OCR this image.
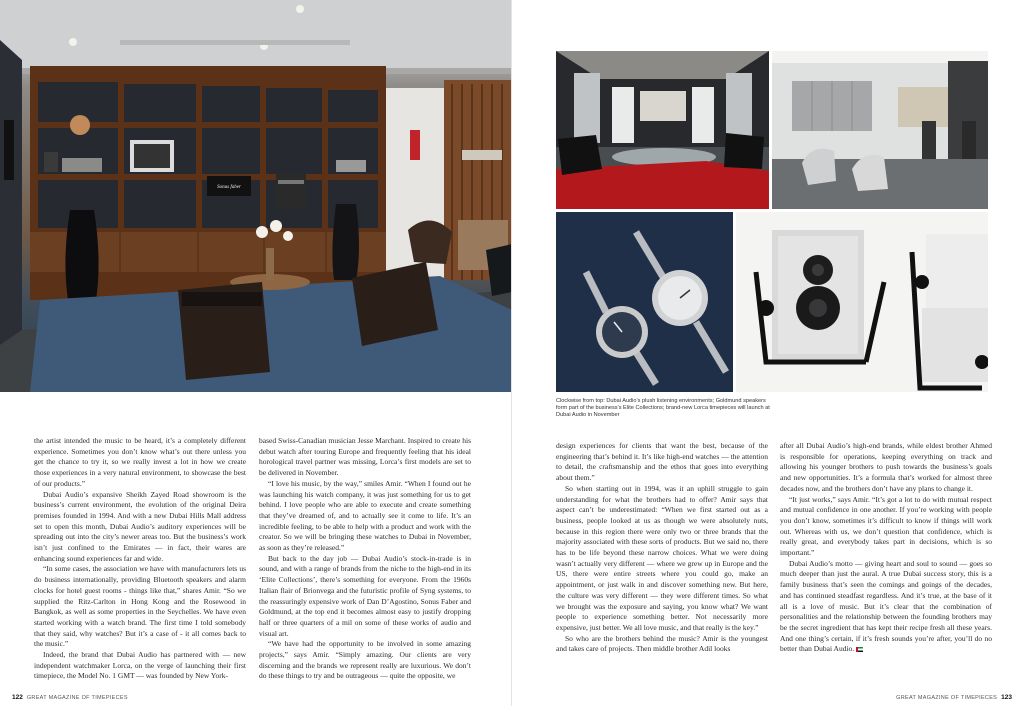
Sonus faber

the artist intended the music to be heard, it’s a completely different experience. Sometimes you don’t know what’s out there unless you get the chance to try it, so we really invest a lot in how we create those experiences in a very natural environment, to showcase the best of our products.”

Dubai Audio’s expansive Sheikh Zayed Road showroom is the business’s current environment, the evolution of the original Deira premises founded in 1994. And with a new Dubai Hills Mall address set to open this month, Dubai Audio’s auditory experiences will be spreading out into the city’s newer areas too. But the business’s work isn’t just confined to the Emirates — in fact, their wares are enhancing sound experiences far and wide.

“In some cases, the association we have with manufacturers lets us do business internationally, providing Bluetooth speakers and alarm clocks for hotel guest rooms - things like that,” shares Amir. “So we supplied the Ritz-Carlton in Hong Kong and the Rosewood in Bangkok, as well as some properties in the Seychelles. We have even started working with a watch brand. The first time I told somebody that they said, why watches? But it’s a case of - it all comes back to the music.”

Indeed, the brand that Dubai Audio has partnered with — new independent watchmaker Lorca, on the verge of launching their first timepiece, the Model No. 1 GMT — was founded by New York-

based Swiss-Canadian musician Jesse Marchant. Inspired to create his debut watch after touring Europe and frequently feeling that his ideal horological travel partner was missing, Lorca’s first models are set to be delivered in November.

“I love his music, by the way,” smiles Amir. “When I found out he was launching his watch company, it was just something for us to get behind. I love people who are able to execute and create something that they’ve dreamed of, and to actually see it come to life. It’s an incredible feeling, to be able to help with a product and work with the creator. So we will be bringing these watches to Dubai in November, as soon as they’re released.”

But back to the day job — Dubai Audio’s stock-in-trade is in sound, and with a range of brands from the niche to the high-end in its ‘Elite Collections’, there’s something for everyone. From the 1960s Italian flair of Brionvega and the futuristic profile of Syng systems, to the reassuringly expensive work of Dan D’Agostino, Sonus Faber and Goldmund, at the top end it becomes almost easy to justify dropping half or three quarters of a mil on some of these works of audio and visual art.

“We have had the opportunity to be involved in some amazing projects,” says Amir. “Simply amazing. Our clients are very discerning and the brands we represent really are luxurious. We don’t do these things to try and be outrageous — quite the opposite, we

122 GREAT MAGAZINE OF TIMEPIECES
Clockwise from top: Dubai Audio’s plush listening environments; Goldmund speakers form part of the business’s Elite Collections; brand-new Lorca timepieces will launch at Dubai Audio in November

design experiences for clients that want the best, because of the engineering that’s behind it. It’s like high-end watches — the attention to detail, the craftsmanship and the ethos that goes into everything about them.”

So when starting out in 1994, was it an uphill struggle to gain understanding for what the brothers had to offer? Amir says that aspect can’t be underestimated: “When we first started out as a business, people looked at us as though we were absolutely nuts, because in this region there were only two or three brands that the majority associated with these sorts of products. But we said no, there has to be life beyond these narrow choices. What we were doing wasn’t actually very different — where we grew up in Europe and the US, there were entire streets where you could go, make an appointment, or just walk in and discover something new. But here, the culture was very different — they were different times. So what we brought was the exposure and saying, you know what? We want people to experience something better. Not necessarily more expensive, just better. We all love music, and that really is the key.”

So who are the brothers behind the music? Amir is the youngest and takes care of projects. Then middle brother Adil looks

after all Dubai Audio’s high-end brands, while eldest brother Ahmed is responsible for operations, keeping everything on track and allowing his younger brothers to push towards the business’s goals and new opportunities. It’s a formula that’s worked for almost three decades now, and the brothers don’t have any plans to change it.

“It just works,” says Amir. “It’s got a lot to do with mutual respect and mutual confidence in one another. If you’re working with people you don’t know, sometimes it’s difficult to know if things will work out. Whereas with us, we don’t question that confidence, which is really great, and everybody takes part in decisions, which is so important.”

Dubai Audio’s motto — giving heart and soul to sound — goes so much deeper than just the aural. A true Dubai success story, this is a family business that’s seen the comings and goings of the decades, and has continued steadfast regardless. And it’s true, at the base of it all is a love of music. But it’s clear that the combination of personalities and the relationship between the founding brothers may be the secret ingredient that has kept their recipe fresh all these years. And one thing’s certain, if it’s fresh sounds you’re after, you’ll do no better than Dubai Audio.

GREAT MAGAZINE OF TIMEPIECES 123
